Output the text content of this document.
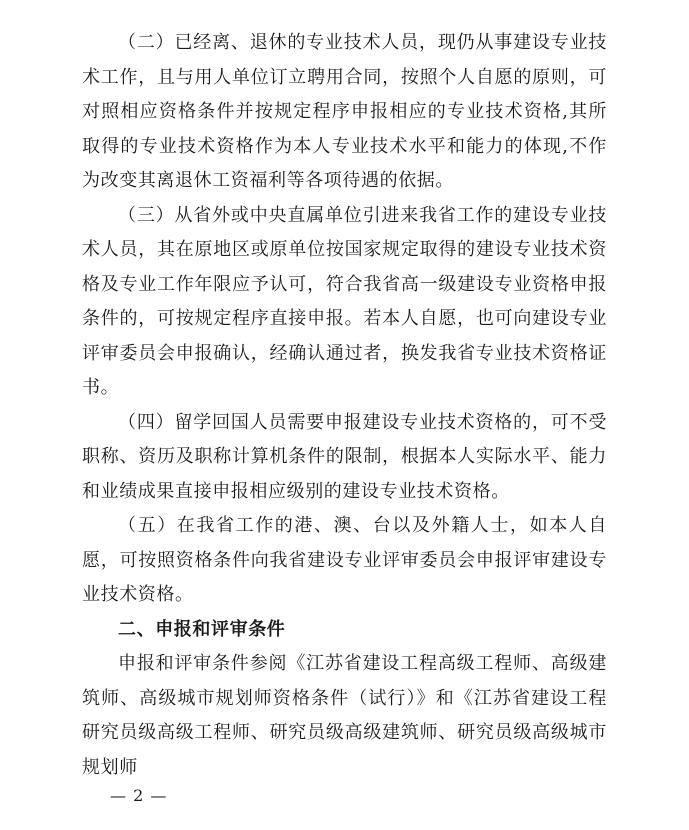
（二）已经离、退休的专业技术人员，现仍从事建设专业技术工作，且与用人单位订立聘用合同，按照个人自愿的原则，可对照相应资格条件并按规定程序申报相应的专业技术资格,其所取得的专业技术资格作为本人专业技术水平和能力的体现,不作为改变其离退休工资福利等各项待遇的依据。

（三）从省外或中央直属单位引进来我省工作的建设专业技术人员，其在原地区或原单位按国家规定取得的建设专业技术资格及专业工作年限应予认可，符合我省高一级建设专业资格申报条件的，可按规定程序直接申报。若本人自愿，也可向建设专业评审委员会申报确认，经确认通过者，换发我省专业技术资格证书。

（四）留学回国人员需要申报建设专业技术资格的，可不受职称、资历及职称计算机条件的限制，根据本人实际水平、能力和业绩成果直接申报相应级别的建设专业技术资格。

（五）在我省工作的港、澳、台以及外籍人士，如本人自愿，可按照资格条件向我省建设专业评审委员会申报评审建设专业技术资格。

二、申报和评审条件

申报和评审条件参阅《江苏省建设工程高级工程师、高级建筑师、高级城市规划师资格条件（试行）》和《江苏省建设工程研究员级高级工程师、研究员级高级建筑师、研究员级高级城市规划师

— 2 —
